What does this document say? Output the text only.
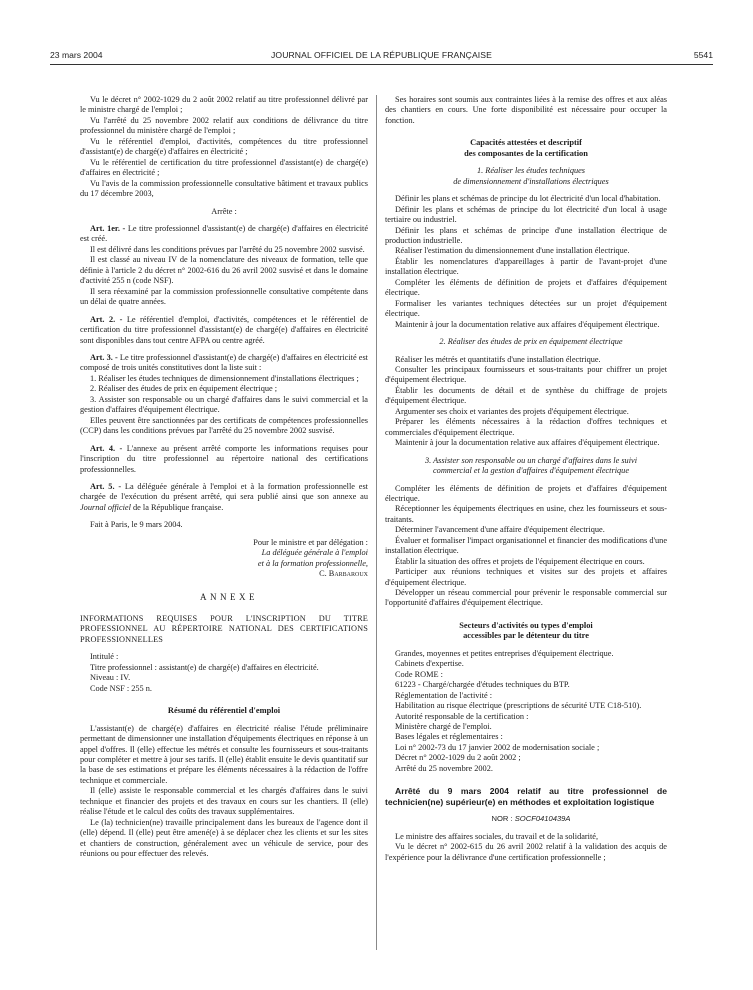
23 mars 2004	JOURNAL OFFICIEL DE LA RÉPUBLIQUE FRANÇAISE	5541

Vu le décret n° 2002-1029 du 2 août 2002 relatif au titre professionnel délivré par le ministre chargé de l'emploi ;

Vu l'arrêté du 25 novembre 2002 relatif aux conditions de délivrance du titre professionnel du ministère chargé de l'emploi ;

Vu le référentiel d'emploi, d'activités, compétences du titre professionnel d'assistant(e) de chargé(e) d'affaires en électricité ;

Vu le référentiel de certification du titre professionnel d'assistant(e) de chargé(e) d'affaires en électricité ;

Vu l'avis de la commission professionnelle consultative bâtiment et travaux publics du 17 décembre 2003,

Arrête :

Art. 1er. - Le titre professionnel d'assistant(e) de chargé(e) d'affaires en électricité est créé.

Il est délivré dans les conditions prévues par l'arrêté du 25 novembre 2002 susvisé.

Il est classé au niveau IV de la nomenclature des niveaux de formation, telle que définie à l'article 2 du décret n° 2002-616 du 26 avril 2002 susvisé et dans le domaine d'activité 255 n (code NSF).

Il sera réexaminé par la commission professionnelle consultative compétente dans un délai de quatre années.

Art. 2. - Le référentiel d'emploi, d'activités, compétences et le référentiel de certification du titre professionnel d'assistant(e) de chargé(e) d'affaires en électricité sont disponibles dans tout centre AFPA ou centre agréé.

Art. 3. - Le titre professionnel d'assistant(e) de chargé(e) d'affaires en électricité est composé de trois unités constitutives dont la liste suit :

1. Réaliser les études techniques de dimensionnement d'installations électriques ;

2. Réaliser des études de prix en équipement électrique ;

3. Assister son responsable ou un chargé d'affaires dans le suivi commercial et la gestion d'affaires d'équipement électrique.

Elles peuvent être sanctionnées par des certificats de compétences professionnelles (CCP) dans les conditions prévues par l'arrêté du 25 novembre 2002 susvisé.

Art. 4. - L'annexe au présent arrêté comporte les informations requises pour l'inscription du titre professionnel au répertoire national des certifications professionnelles.

Art. 5. - La déléguée générale à l'emploi et à la formation professionnelle est chargée de l'exécution du présent arrêté, qui sera publié ainsi que son annexe au Journal officiel de la République française.

Fait à Paris, le 9 mars 2004.

Pour le ministre et par délégation :

La déléguée générale à l'emploi

et à la formation professionnelle,

C. Barbaroux

ANNEXE

INFORMATIONS REQUISES POUR L'INSCRIPTION DU TITRE PROFESSIONNEL AU RÉPERTOIRE NATIONAL DES CERTIFICATIONS PROFESSIONNELLES

Intitulé :

Titre professionnel : assistant(e) de chargé(e) d'affaires en électricité.

Niveau : IV.

Code NSF : 255 n.

Résumé du référentiel d'emploi

L'assistant(e) de chargé(e) d'affaires en électricité réalise l'étude préliminaire permettant de dimensionner une installation d'équipements électriques en réponse à un appel d'offres. Il (elle) effectue les métrés et consulte les fournisseurs et sous-traitants pour compléter et mettre à jour ses tarifs. Il (elle) établit ensuite le devis quantitatif sur la base de ses estimations et prépare les éléments nécessaires à la rédaction de l'offre technique et commerciale.

Il (elle) assiste le responsable commercial et les chargés d'affaires dans le suivi technique et financier des projets et des travaux en cours sur les chantiers. Il (elle) réalise l'étude et le calcul des coûts des travaux supplémentaires.

Le (la) technicien(ne) travaille principalement dans les bureaux de l'agence dont il (elle) dépend. Il (elle) peut être amené(e) à se déplacer chez les clients et sur les sites et chantiers de construction, généralement avec un véhicule de service, pour des réunions ou pour effectuer des relevés.

Ses horaires sont soumis aux contraintes liées à la remise des offres et aux aléas des chantiers en cours. Une forte disponibilité est nécessaire pour occuper la fonction.

Capacités attestées et descriptif
des composantes de la certification

1. Réaliser les études techniques

de dimensionnement d'installations électriques

Définir les plans et schémas de principe du lot électricité d'un local d'habitation.

Définir les plans et schémas de principe du lot électricité d'un local à usage tertiaire ou industriel.

Définir les plans et schémas de principe d'une installation électrique de production industrielle.

Réaliser l'estimation du dimensionnement d'une installation électrique.

Établir les nomenclatures d'appareillages à partir de l'avant-projet d'une installation électrique.

Compléter les éléments de définition de projets et d'affaires d'équipement électrique.

Formaliser les variantes techniques détectées sur un projet d'équipement électrique.

Maintenir à jour la documentation relative aux affaires d'équipement électrique.

2. Réaliser des études de prix en équipement électrique

Réaliser les métrés et quantitatifs d'une installation électrique.

Consulter les principaux fournisseurs et sous-traitants pour chiffrer un projet d'équipement électrique.

Établir les documents de détail et de synthèse du chiffrage de projets d'équipement électrique.

Argumenter ses choix et variantes des projets d'équipement électrique.

Préparer les éléments nécessaires à la rédaction d'offres techniques et commerciales d'équipement électrique.

Maintenir à jour la documentation relative aux affaires d'équipement électrique.

3. Assister son responsable ou un chargé d'affaires dans le suivi

commercial et la gestion d'affaires d'équipement électrique

Compléter les éléments de définition de projets et d'affaires d'équipement électrique.

Réceptionner les équipements électriques en usine, chez les fournisseurs et sous-traitants.

Déterminer l'avancement d'une affaire d'équipement électrique.

Évaluer et formaliser l'impact organisationnel et financier des modifications d'une installation électrique.

Établir la situation des offres et projets de l'équipement électrique en cours.

Participer aux réunions techniques et visites sur des projets et affaires d'équipement électrique.

Développer un réseau commercial pour prévenir le responsable commercial sur l'opportunité d'affaires d'équipement électrique.

Secteurs d'activités ou types d'emploi
accessibles par le détenteur du titre

Grandes, moyennes et petites entreprises d'équipement électrique.

Cabinets d'expertise.

Code ROME :

61223 - Chargé/chargée d'études techniques du BTP.

Réglementation de l'activité :

Habilitation au risque électrique (prescriptions de sécurité UTE C18-510).

Autorité responsable de la certification :

Ministère chargé de l'emploi.

Bases légales et réglementaires :

Loi n° 2002-73 du 17 janvier 2002 de modernisation sociale ;

Décret n° 2002-1029 du 2 août 2002 ;

Arrêté du 25 novembre 2002.

Arrêté du 9 mars 2004 relatif au titre professionnel de technicien(ne) supérieur(e) en méthodes et exploitation logistique

NOR : SOCF0410439A

Le ministre des affaires sociales, du travail et de la solidarité,

Vu le décret n° 2002-615 du 26 avril 2002 relatif à la validation des acquis de l'expérience pour la délivrance d'une certification professionnelle ;
